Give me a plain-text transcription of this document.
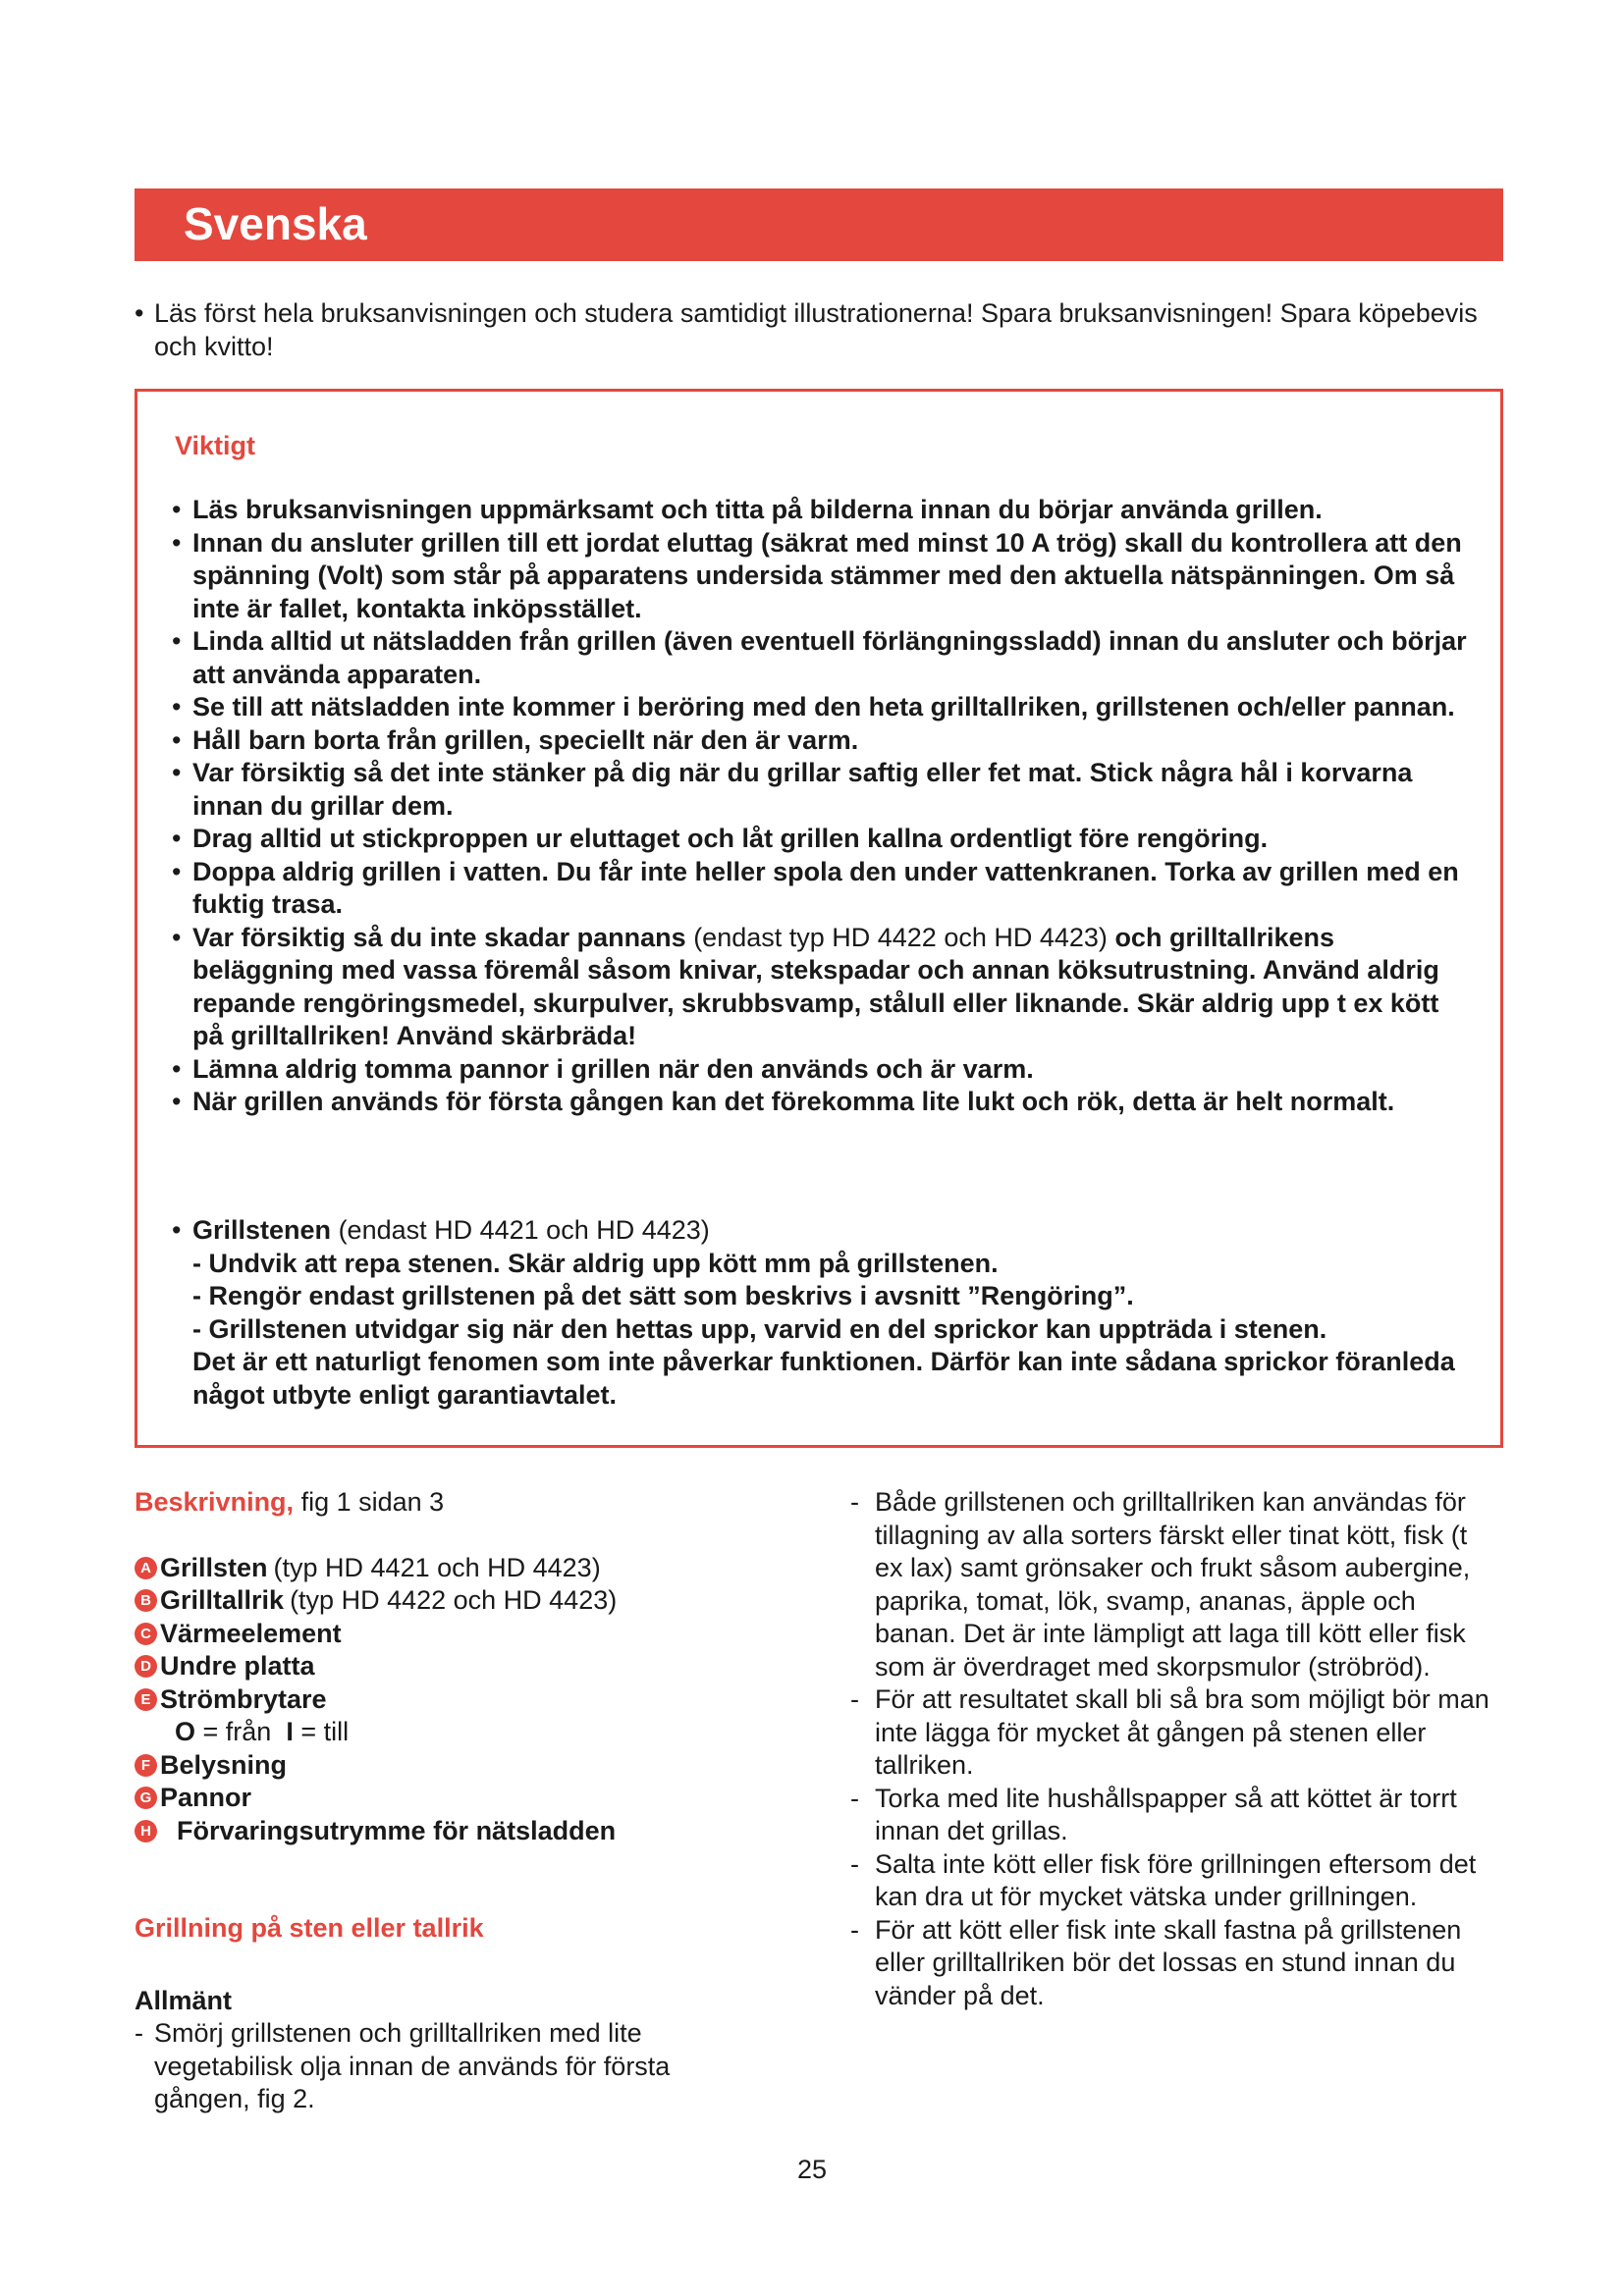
Svenska
• Läs först hela bruksanvisningen och studera samtidigt illustrationerna! Spara bruksanvisningen! Spara köpebevis och kvitto!
Viktigt
• Läs bruksanvisningen uppmärksamt och titta på bilderna innan du börjar använda grillen.
• Innan du ansluter grillen till ett jordat eluttag (säkrat med minst 10 A trög) skall du kontrollera att den spänning (Volt) som står på apparatens undersida stämmer med den aktuella nätspänningen. Om så inte är fallet, kontakta inköpsstället.
• Linda alltid ut nätsladden från grillen (även eventuell förlängningssladd) innan du ansluter och börjar att använda apparaten.
• Se till att nätsladden inte kommer i beröring med den heta grilltallriken, grillstenen och/eller pannan.
• Håll barn borta från grillen, speciellt när den är varm.
• Var försiktig så det inte stänker på dig när du grillar saftig eller fet mat. Stick några hål i korvarna innan du grillar dem.
• Drag alltid ut stickproppen ur eluttaget och låt grillen kallna ordentligt före rengöring.
• Doppa aldrig grillen i vatten. Du får inte heller spola den under vattenkranen. Torka av grillen med en fuktig trasa.
• Var försiktig så du inte skadar pannans (endast typ HD 4422 och HD 4423) och grilltallrikens beläggning med vassa föremål såsom knivar, stekspadar och annan köksutrustning. Använd aldrig repande rengöringsmedel, skurpulver, skrubbsvamp, stålull eller liknande. Skär aldrig upp t ex kött på grilltallriken! Använd skärbräda!
• Lämna aldrig tomma pannor i grillen när den används och är varm.
• När grillen används för första gången kan det förekomma lite lukt och rök, detta är helt normalt.
• Grillstenen (endast HD 4421 och HD 4423)
- Undvik att repa stenen. Skär aldrig upp kött mm på grillstenen.
- Rengör endast grillstenen på det sätt som beskrivs i avsnitt ”Rengöring”.
- Grillstenen utvidgar sig när den hettas upp, varvid en del sprickor kan uppträda i stenen.
Det är ett naturligt fenomen som inte påverkar funktionen. Därför kan inte sådana sprickor föranleda något utbyte enligt garantiavtalet.
Beskrivning, fig 1 sidan 3
A Grillsten (typ HD 4421 och HD 4423)
B Grilltallrik (typ HD 4422 och HD 4423)
C Värmeelement
D Undre platta
E Strömbrytare
O
= från
I
= till
F Belysning
G Pannor
H Förvaringsutrymme för nätsladden
Grillning på sten eller tallrik
Allmänt
- Smörj grillstenen och grilltallriken med lite vegetabilisk olja innan de används för första gången, fig 2.
- Både grillstenen och grilltallriken kan användas för tillagning av alla sorters färskt eller tinat kött, fisk (t ex lax) samt grönsaker och frukt såsom aubergine, paprika, tomat, lök, svamp, ananas, äpple och banan. Det är inte lämpligt att laga till kött eller fisk som är överdraget med skorpsmulor (ströbröd).
- För att resultatet skall bli så bra som möjligt bör man inte lägga för mycket åt gången på stenen eller tallriken.
- Torka med lite hushållspapper så att köttet är torrt innan det grillas.
- Salta inte kött eller fisk före grillningen eftersom det kan dra ut för mycket vätska under grillningen.
- För att kött eller fisk inte skall fastna på grillstenen eller grilltallriken bör det lossas en stund innan du vänder på det.
25
